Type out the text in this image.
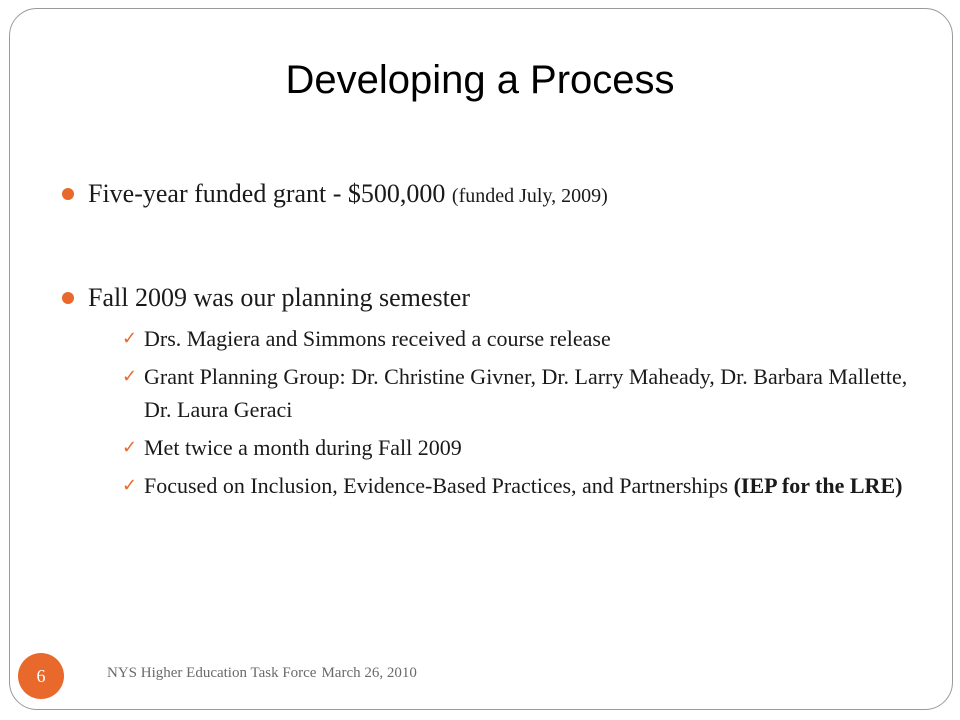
Developing a Process
Five-year funded grant - $500,000 (funded July, 2009)
Fall 2009 was our planning semester
✓ Drs. Magiera and Simmons received a course release
✓ Grant Planning Group: Dr. Christine Givner, Dr. Larry Maheady, Dr. Barbara Mallette, Dr. Laura Geraci
✓ Met twice a month during Fall 2009
✓ Focused on Inclusion, Evidence-Based Practices, and Partnerships (IEP for the LRE)
6	NYS Higher Education Task Force March 26, 2010
